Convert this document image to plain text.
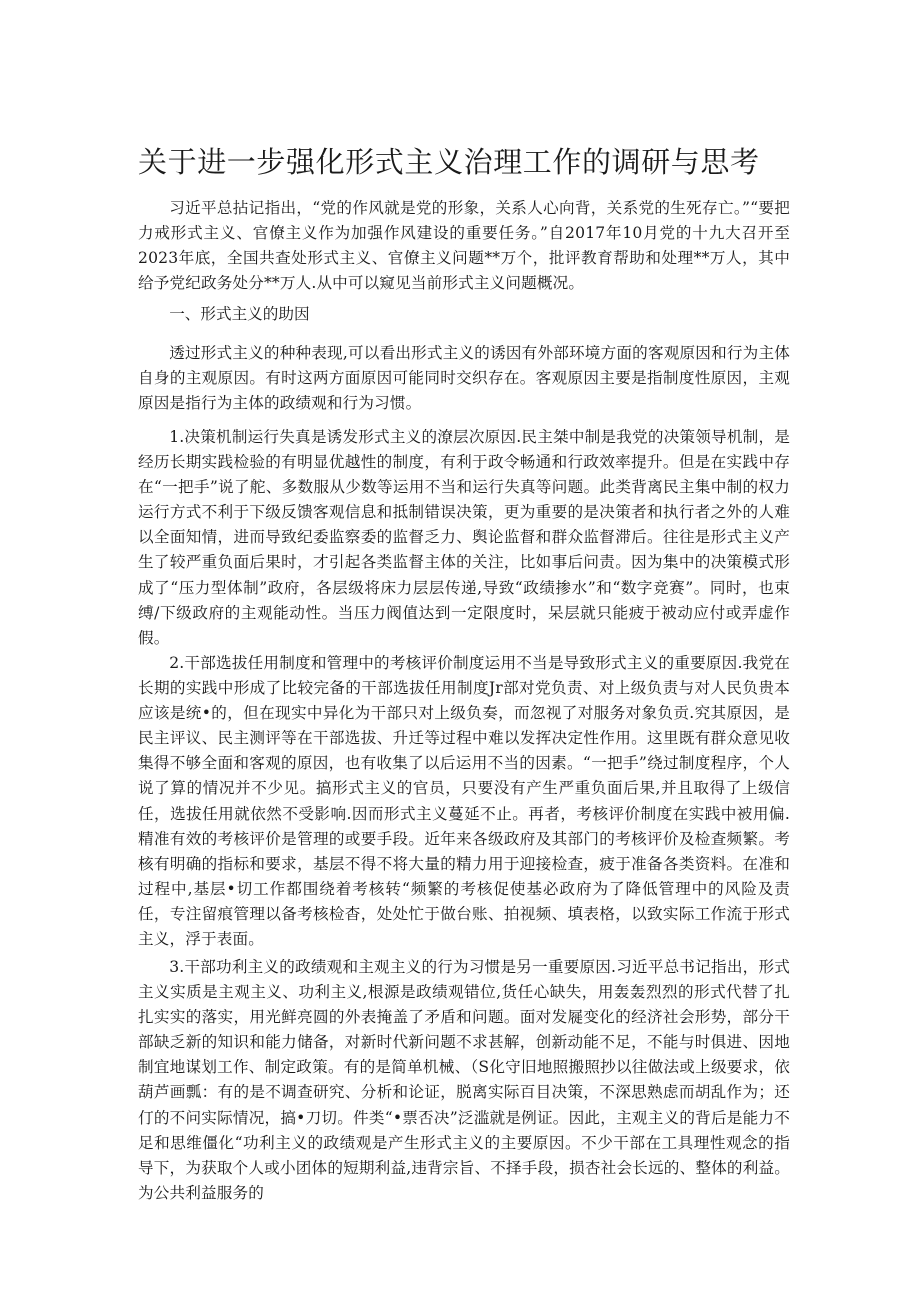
关于进一步强化形式主义治理工作的调研与思考

习近平总拈记指出，“党的作风就是党的形象，关系人心向背，关系党的生死存亡。”“要把力戒形式主义、官僚主义作为加强作风建设的重要任务。”自2017年10月党的十九大召开至2023年底，全国共查处形式主义、官僚主义问题**万个，批评教育帮助和处理**万人，其中给予党纪政务处分**万人.从中可以窥见当前形式主义问题概况。

一、形式主义的助因

透过形式主义的种种表现,可以看出形式主义的诱因有外部环境方面的客观原因和行为主体自身的主观原因。有时这两方面原因可能同时交织存在。客观原因主要是指制度性原因，主观原因是指行为主体的政绩观和行为习惯。

1.决策机制运行失真是诱发形式主义的潦层次原因.民主桀中制是我党的决策领导机制，是经历长期实践检验的有明显优越性的制度，有利于政令畅通和行政效率提升。但是在实践中存在“一把手”说了舵、多数服从少数等运用不当和运行失真等问题。此类背离民主集中制的权力运行方式不利于下级反馈客观信息和抵制错误决策，更为重要的是决策者和执行者之外的人难以全面知情，进而导致纪委监察委的监督乏力、舆论监督和群众监督滞后。往往是形式主义产生了较严重负面后果时，才引起各类监督主体的关注，比如事后问责。因为集中的决策模式形成了“压力型体制”政府，各层级将床力层层传递,导致“政绩掺水”和“数字竞赛”。同时，也束缚/下级政府的主观能动性。当压力阀值达到一定限度时，呆层就只能疲于被动应付或弄虚作假。

2.干部选拔任用制度和管理中的考核评价制度运用不当是导致形式主义的重要原因.我党在长期的实践中形成了比较完备的干部选拔任用制度Jr部对党负责、对上级负责与对人民负贵本应该是统•的，但在现实中异化为干部只对上级负奏，而忽视了对服务对象负贡.究其原因，是民主评议、民主测评等在干部选拔、升迁等过程中难以发挥决定性作用。这里既有群众意见收集得不够全面和客观的原因，也有收集了以后运用不当的因素。“一把手”绕过制度程序，个人说了算的情况并不少见。搞形式主义的官员，只要没有产生严重负面后果,并且取得了上级信任，选拔任用就依然不受影响.因而形式主义蔓延不止。再者，考核评价制度在实践中被用偏.精准有效的考核评价是管理的或要手段。近年来各级政府及其部门的考核评价及检查频繁。考核有明确的指标和要求，基层不得不将大量的精力用于迎接检查，疲于准备各类资料。在准和过程中,基层•切工作都围绕着考核转“频繁的考核促使基必政府为了降低管理中的风险及责任，专注留痕管理以备考核检杳，处处忙于做台账、拍视频、填表格，以致实际工作流于形式主义，浮于表面。

3.干部功利主义的政绩观和主观主义的行为习惯是另一重要原因.习近平总书记指出，形式主义实质是主观主义、功利主义,根源是政绩观错位,货任心缺失，用轰轰烈烈的形式代替了扎扎实实的落实，用光鲜亮圆的外表掩盖了矛盾和问题。面对发屣变化的经济社会形势，部分干部缺乏新的知识和能力储备，对新时代新问题不求甚解，创新动能不足，不能与时俱进、因地制宜地谋划工作、制定政策。有的是简单机械、（S化守旧地照搬照抄以往做法或上级要求，依葫芦画瓢：有的是不调查研究、分析和论证，脱离实际百目决策，不深思熟虑而胡乱作为；还仃的不问实际情况，搞•刀切。件类“•票否决”泛滥就是例证。因此，主观主义的背后是能力不足和思维僵化“功利主义的政绩观是产生形式主义的主要原因。不少干部在工具理性观念的指导下，为获取个人或小团体的短期利益,违背宗旨、不择手段，损杏社会长远的、整体的利益。为公共利益服务的
